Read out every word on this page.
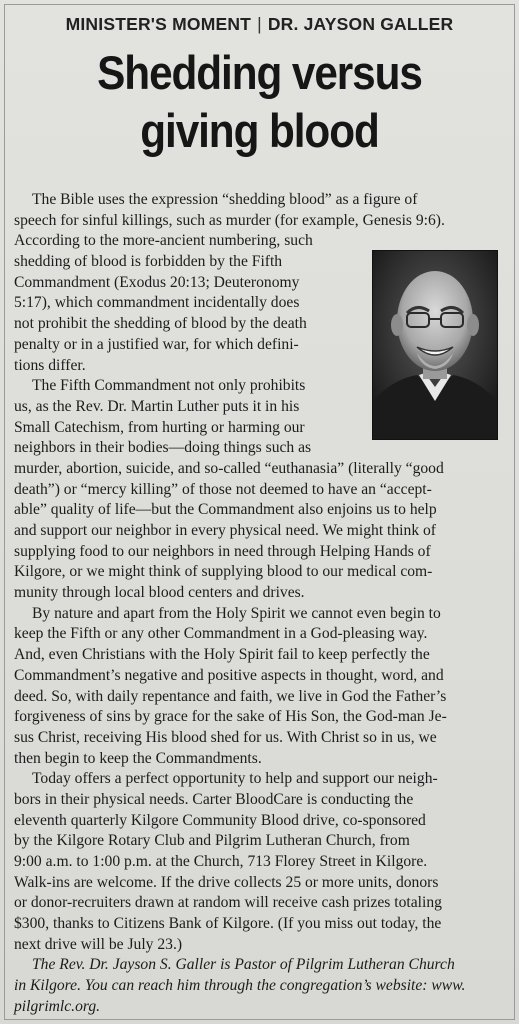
MINISTER'S MOMENT | DR. JAYSON GALLER
Shedding versus
giving blood
The Bible uses the expression “shedding blood” as a figure of
speech for sinful killings, such as murder (for example, Genesis 9:6).
According to the more-ancient numbering, such
shedding of blood is forbidden by the Fifth
Commandment (Exodus 20:13; Deuteronomy
5:17), which commandment incidentally does
not prohibit the shedding of blood by the death
penalty or in a justified war, for which defini-
tions differ.
The Fifth Commandment not only prohibits
us, as the Rev. Dr. Martin Luther puts it in his
Small Catechism, from hurting or harming our
neighbors in their bodies—doing things such as
murder, abortion, suicide, and so-called “euthanasia” (literally “good
death”) or “mercy killing” of those not deemed to have an “accept-
able” quality of life—but the Commandment also enjoins us to help
and support our neighbor in every physical need. We might think of
supplying food to our neighbors in need through Helping Hands of
Kilgore, or we might think of supplying blood to our medical com-
munity through local blood centers and drives.
By nature and apart from the Holy Spirit we cannot even begin to
keep the Fifth or any other Commandment in a God-pleasing way.
And, even Christians with the Holy Spirit fail to keep perfectly the
Commandment’s negative and positive aspects in thought, word, and
deed. So, with daily repentance and faith, we live in God the Father’s
forgiveness of sins by grace for the sake of His Son, the God-man Je-
sus Christ, receiving His blood shed for us. With Christ so in us, we
then begin to keep the Commandments.
Today offers a perfect opportunity to help and support our neigh-
bors in their physical needs. Carter BloodCare is conducting the
eleventh quarterly Kilgore Community Blood drive, co-sponsored
by the Kilgore Rotary Club and Pilgrim Lutheran Church, from
9:00 a.m. to 1:00 p.m. at the Church, 713 Florey Street in Kilgore.
Walk-ins are welcome. If the drive collects 25 or more units, donors
or donor-recruiters drawn at random will receive cash prizes totaling
$300, thanks to Citizens Bank of Kilgore. (If you miss out today, the
next drive will be July 23.)
The Rev. Dr. Jayson S. Galler is Pastor of Pilgrim Lutheran Church
in Kilgore. You can reach him through the congregation’s website: www.
pilgrimlc.org.
